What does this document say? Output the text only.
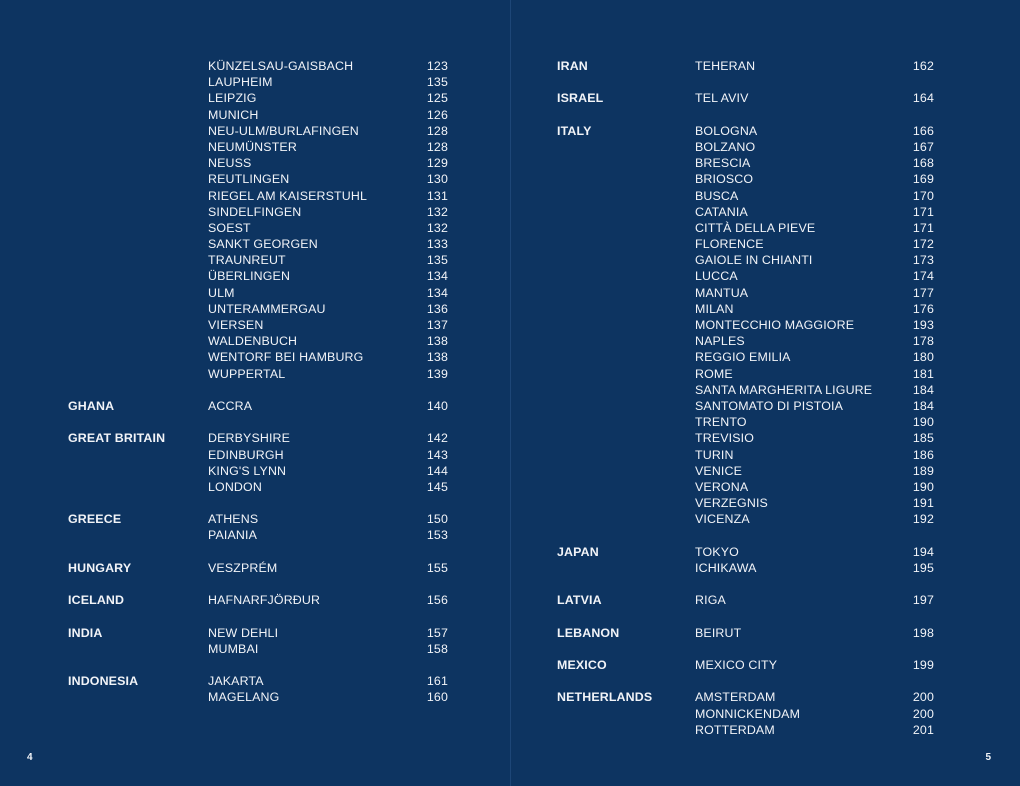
KÜNZELSAU-GAISBACH	123
LAUPHEIM	135
LEIPZIG	125
MUNICH	126
NEU-ULM/BURLAFINGEN	128
NEUMÜNSTER	128
NEUSS	129
REUTLINGEN	130
RIEGEL AM KAISERSTUHL	131
SINDELFINGEN	132
SOEST	132
SANKT GEORGEN	133
TRAUNREUT	135
ÜBERLINGEN	134
ULM	134
UNTERAMMERGAU	136
VIERSEN	137
WALDENBUCH	138
WENTORF BEI HAMBURG	138
WUPPERTAL	139
GHANA	ACCRA	140
GREAT BRITAIN	DERBYSHIRE	142
EDINBURGH	143
KING'S LYNN	144
LONDON	145
GREECE	ATHENS	150
PAIANIA	153
HUNGARY	VESZPRÉM	155
ICELAND	HAFNARFJÖRÐUR	156
INDIA	NEW DEHLI	157
MUMBAI	158
INDONESIA	JAKARTA	161
MAGELANG	160
4
IRAN	TEHERAN	162
ISRAEL	TEL AVIV	164
ITALY	BOLOGNA	166
BOLZANO	167
BRESCIA	168
BRIOSCO	169
BUSCA	170
CATANIA	171
CITTÀ DELLA PIEVE	171
FLORENCE	172
GAIOLE IN CHIANTI	173
LUCCA	174
MANTUA	177
MILAN	176
MONTECCHIO MAGGIORE	193
NAPLES	178
REGGIO EMILIA	180
ROME	181
SANTA MARGHERITA LIGURE	184
SANTOMATO DI PISTOIA	184
TRENTO	190
TREVISIO	185
TURIN	186
VENICE	189
VERONA	190
VERZEGNIS	191
VICENZA	192
JAPAN	TOKYO	194
ICHIKAWA	195
LATVIA	RIGA	197
LEBANON	BEIRUT	198
MEXICO	MEXICO CITY	199
NETHERLANDS	AMSTERDAM	200
MONNICKENDAM	200
ROTTERDAM	201
5
